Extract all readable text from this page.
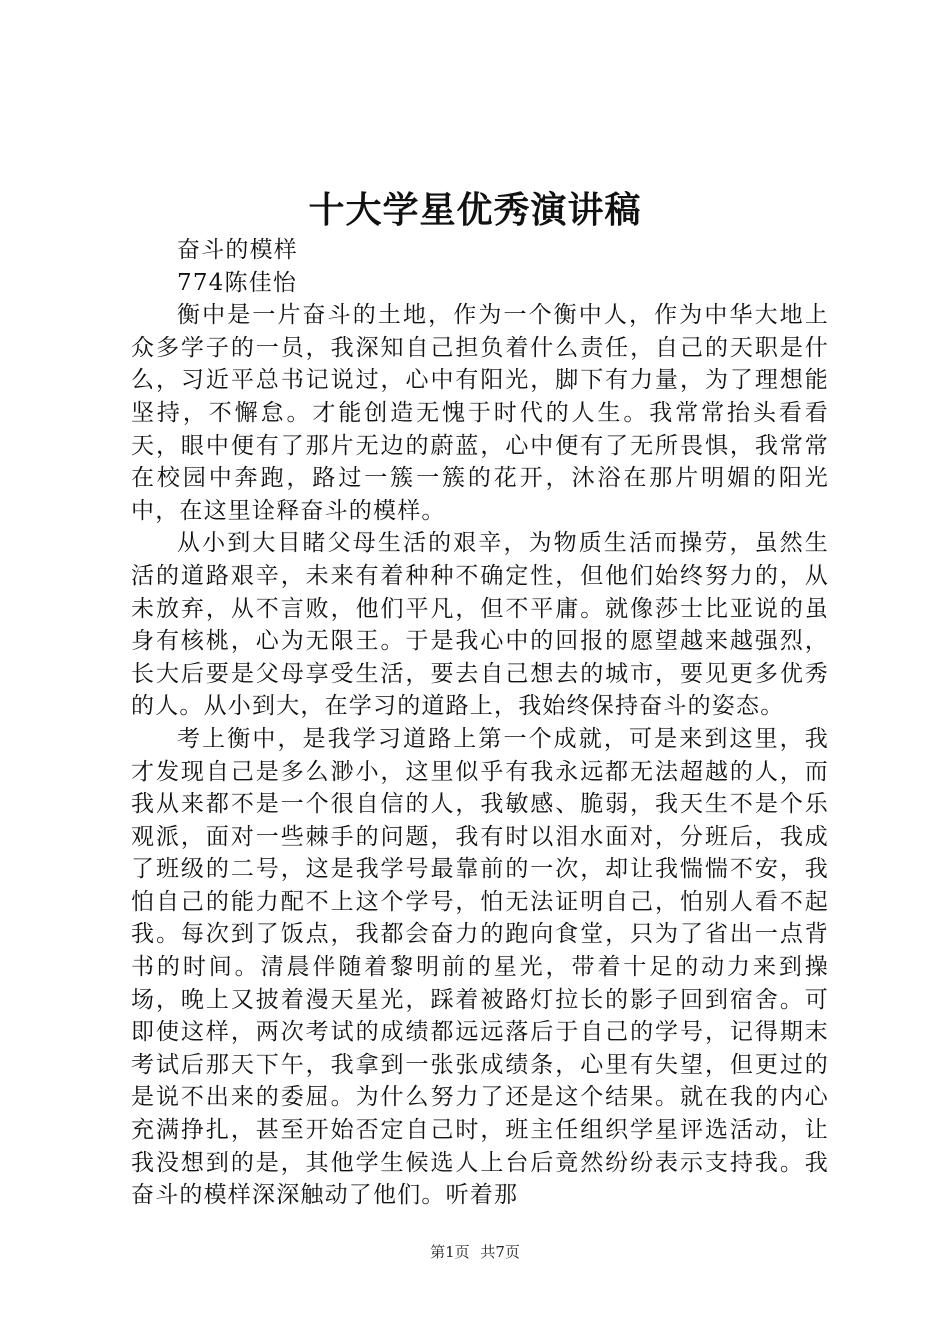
十大学星优秀演讲稿

奋斗的模样

774陈佳怡

衡中是一片奋斗的土地，作为一个衡中人，作为中华大地上众多学子的一员，我深知自己担负着什么责任，自己的天职是什么，习近平总书记说过，心中有阳光，脚下有力量，为了理想能坚持，不懈怠。才能创造无愧于时代的人生。我常常抬头看看天，眼中便有了那片无边的蔚蓝，心中便有了无所畏惧，我常常在校园中奔跑，路过一簇一簇的花开，沐浴在那片明媚的阳光中，在这里诠释奋斗的模样。

从小到大目睹父母生活的艰辛，为物质生活而操劳，虽然生活的道路艰辛，未来有着种种不确定性，但他们始终努力的，从未放弃，从不言败，他们平凡，但不平庸。就像莎士比亚说的虽身有核桃，心为无限王。于是我心中的回报的愿望越来越强烈，长大后要是父母享受生活，要去自己想去的城市，要见更多优秀的人。从小到大，在学习的道路上，我始终保持奋斗的姿态。

考上衡中，是我学习道路上第一个成就，可是来到这里，我才发现自己是多么渺小，这里似乎有我永远都无法超越的人，而我从来都不是一个很自信的人，我敏感、脆弱，我天生不是个乐观派，面对一些棘手的问题，我有时以泪水面对，分班后，我成了班级的二号，这是我学号最靠前的一次，却让我惴惴不安，我怕自己的能力配不上这个学号，怕无法证明自己，怕别人看不起我。每次到了饭点，我都会奋力的跑向食堂，只为了省出一点背书的时间。清晨伴随着黎明前的星光，带着十足的动力来到操场，晚上又披着漫天星光，踩着被路灯拉长的影子回到宿舍。可即使这样，两次考试的成绩都远远落后于自己的学号，记得期末考试后那天下午，我拿到一张张成绩条，心里有失望，但更过的是说不出来的委屈。为什么努力了还是这个结果。就在我的内心充满挣扎，甚至开始否定自己时，班主任组织学星评选活动，让我没想到的是，其他学生候选人上台后竟然纷纷表示支持我。我奋斗的模样深深触动了他们。听着那

第1页 共7页
